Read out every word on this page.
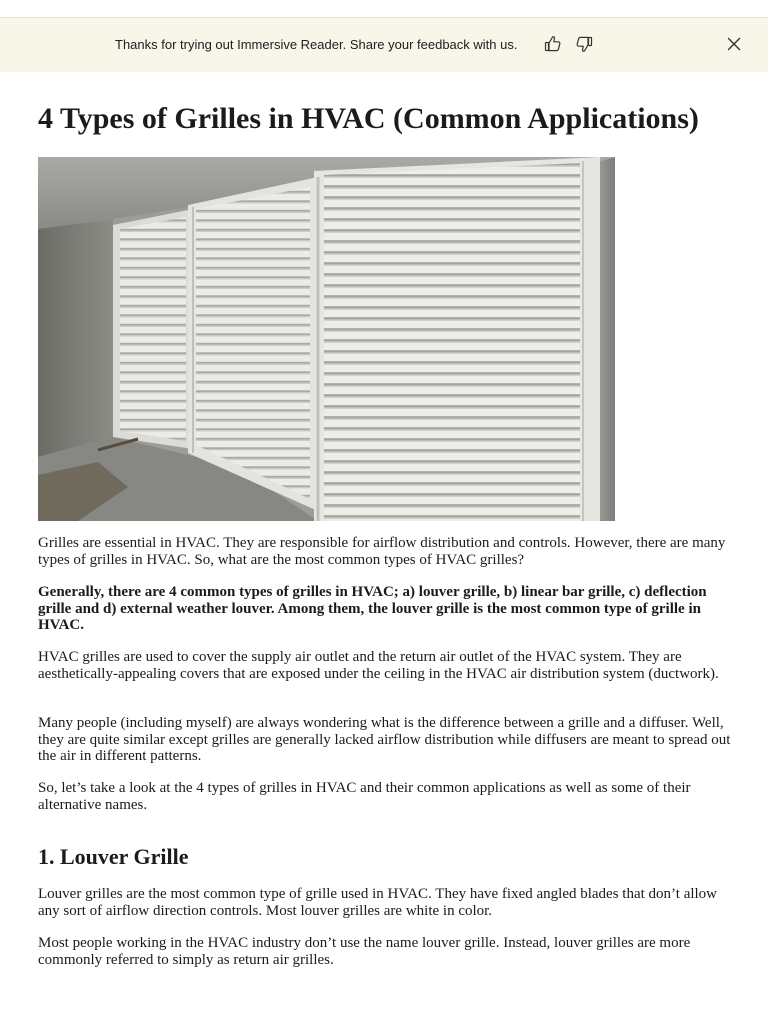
Thanks for trying out Immersive Reader. Share your feedback with us.
4 Types of Grilles in HVAC (Common Applications)

Grilles are essential in HVAC. They are responsible for airflow distribution and controls. However, there are many types of grilles in HVAC. So, what are the most common types of HVAC grilles?

Generally, there are 4 common types of grilles in HVAC; a) louver grille, b) linear bar grille, c) deflection grille and d) external weather louver. Among them, the louver grille is the most common type of grille in HVAC.

HVAC grilles are used to cover the supply air outlet and the return air outlet of the HVAC system. They are aesthetically-appealing covers that are exposed under the ceiling in the HVAC air distribution system (ductwork).

Many people (including myself) are always wondering what is the difference between a grille and a diffuser. Well, they are quite similar except grilles are generally lacked airflow distribution while diffusers are meant to spread out the air in different patterns.

So, let’s take a look at the 4 types of grilles in HVAC and their common applications as well as some of their alternative names.

1. Louver Grille

Louver grilles are the most common type of grille used in HVAC. They have fixed angled blades that don’t allow any sort of airflow direction controls. Most louver grilles are white in color.

Most people working in the HVAC industry don’t use the name louver grille. Instead, louver grilles are more commonly referred to simply as return air grilles.
